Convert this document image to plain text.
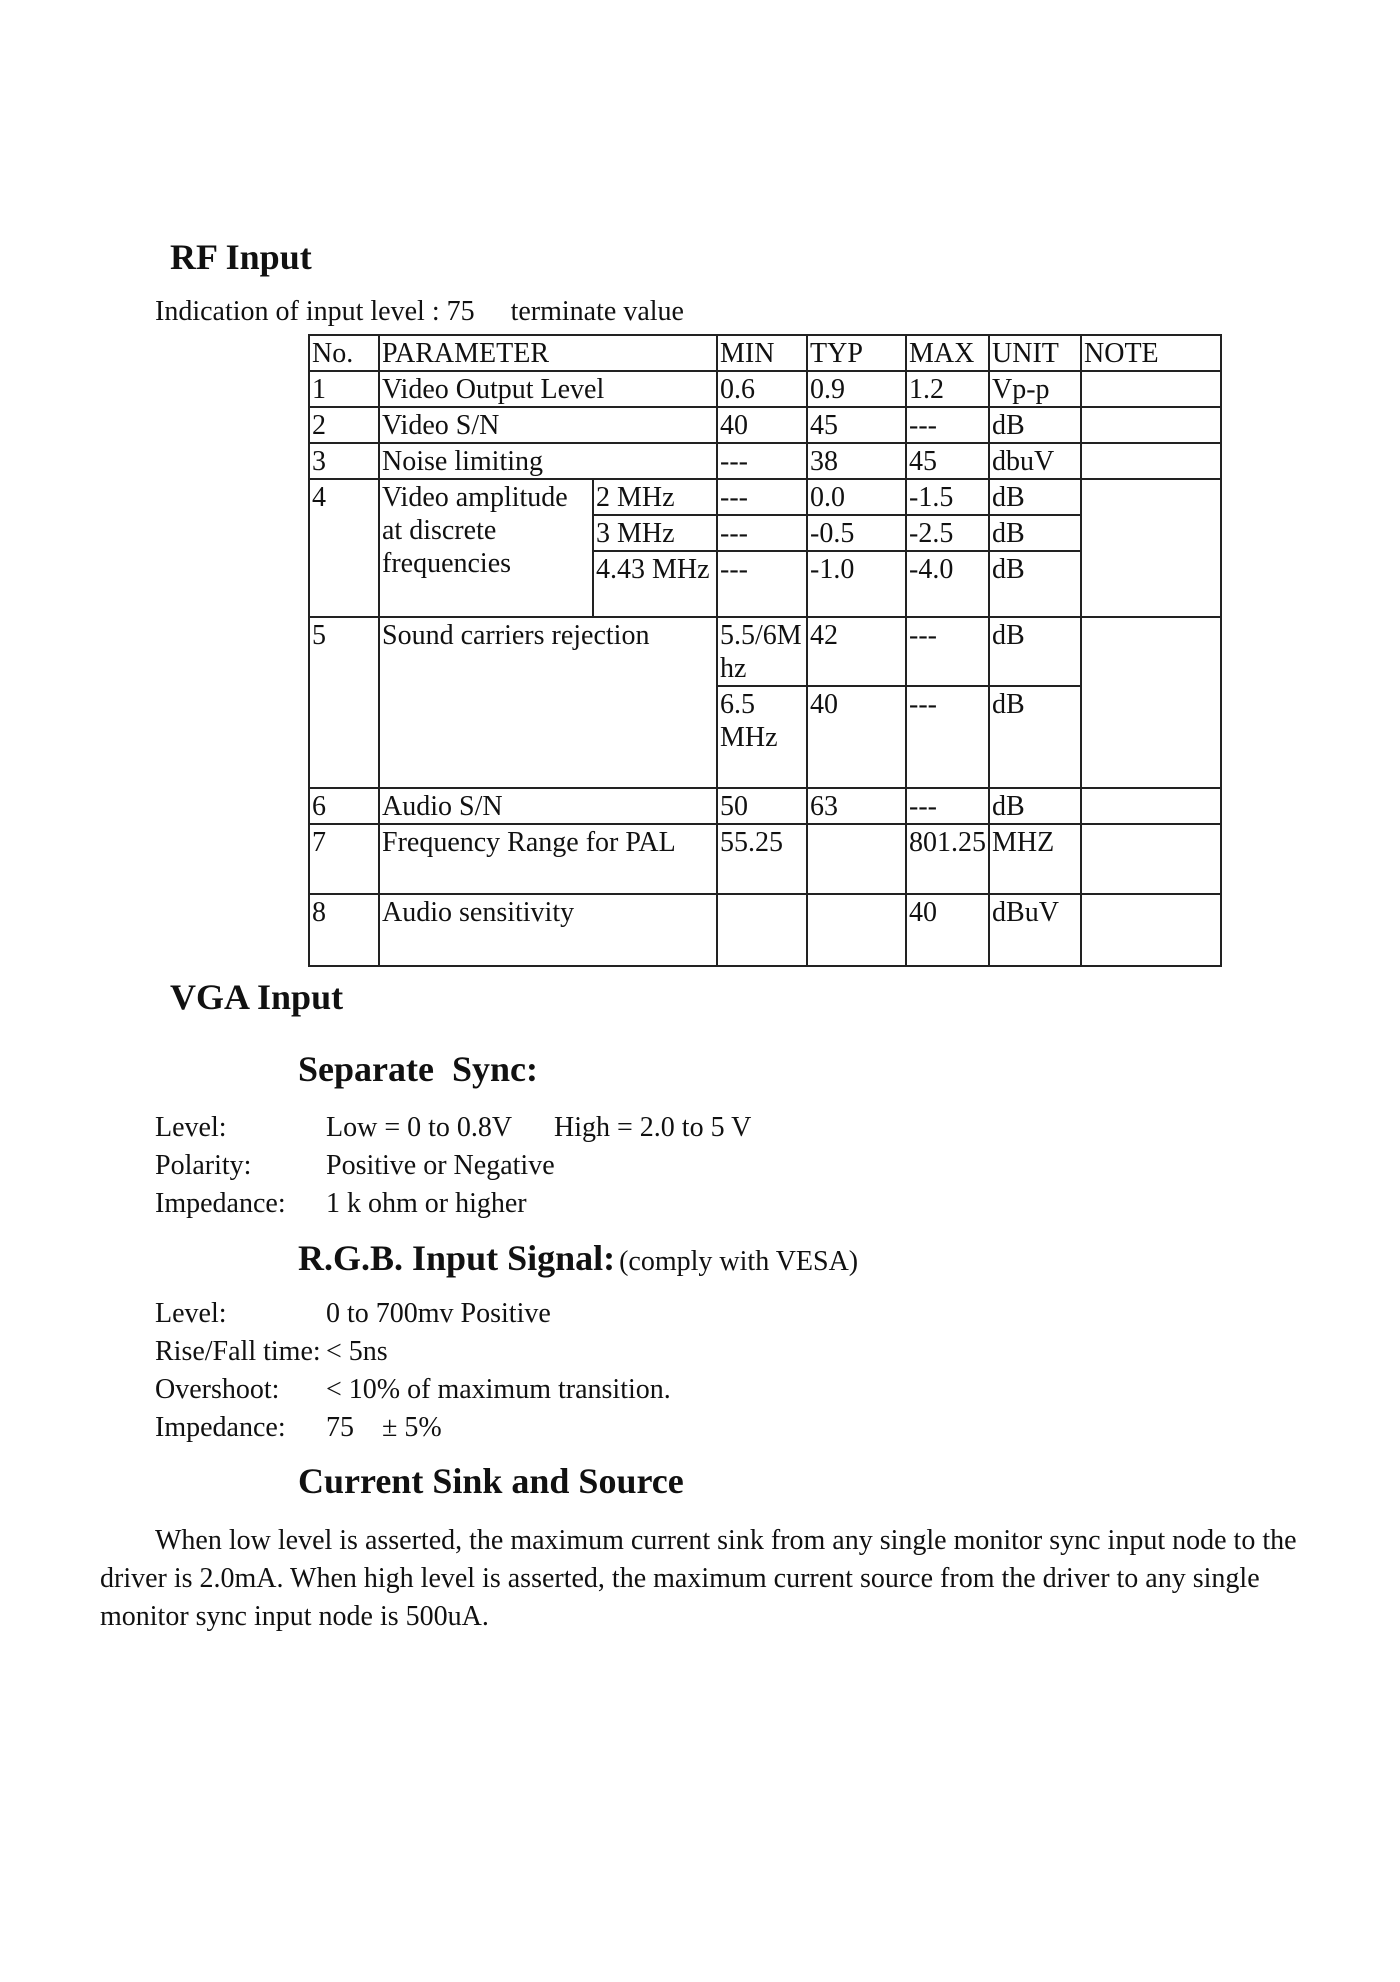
RF Input
Indication of input level : 75 terminate value
No.	PARAMETER		MIN	TYP	MAX	UNIT	NOTE
1	Video Output Level		0.6	0.9	1.2	Vp-p	
2	Video S/N		40	45	---	dB	
3	Noise limiting		---	38	45	dbuV	
4	Video amplitude at discrete frequencies	2 MHz	---	0.0	-1.5	dB	
		3 MHz	---	-0.5	-2.5	dB	
		4.43 MHz	---	-1.0	-4.0	dB	
5	Sound carriers rejection		5.5/6Mhz	42	---	dB	
			6.5 MHz	40	---	dB	
6	Audio S/N		50	63	---	dB	
7	Frequency Range for PAL		55.25		801.25	MHZ	
8	Audio sensitivity				40	dBuV	
VGA Input
Separate  Sync:
Level:	Low = 0 to 0.8V High = 2.0 to 5 V
Polarity:	Positive or Negative
Impedance: 1 k ohm or higher
R.G.B. Input Signal: (comply with VESA)
Level:	0 to 700mv Positive
Rise/Fall time: < 5ns
Overshoot: < 10% of maximum transition.
Impedance: 75    ± 5%
Current Sink and Source
When low level is asserted, the maximum current sink from any single monitor sync input node to the driver is 2.0mA. When high level is asserted, the maximum current source from the driver to any single monitor sync input node is 500uA.
